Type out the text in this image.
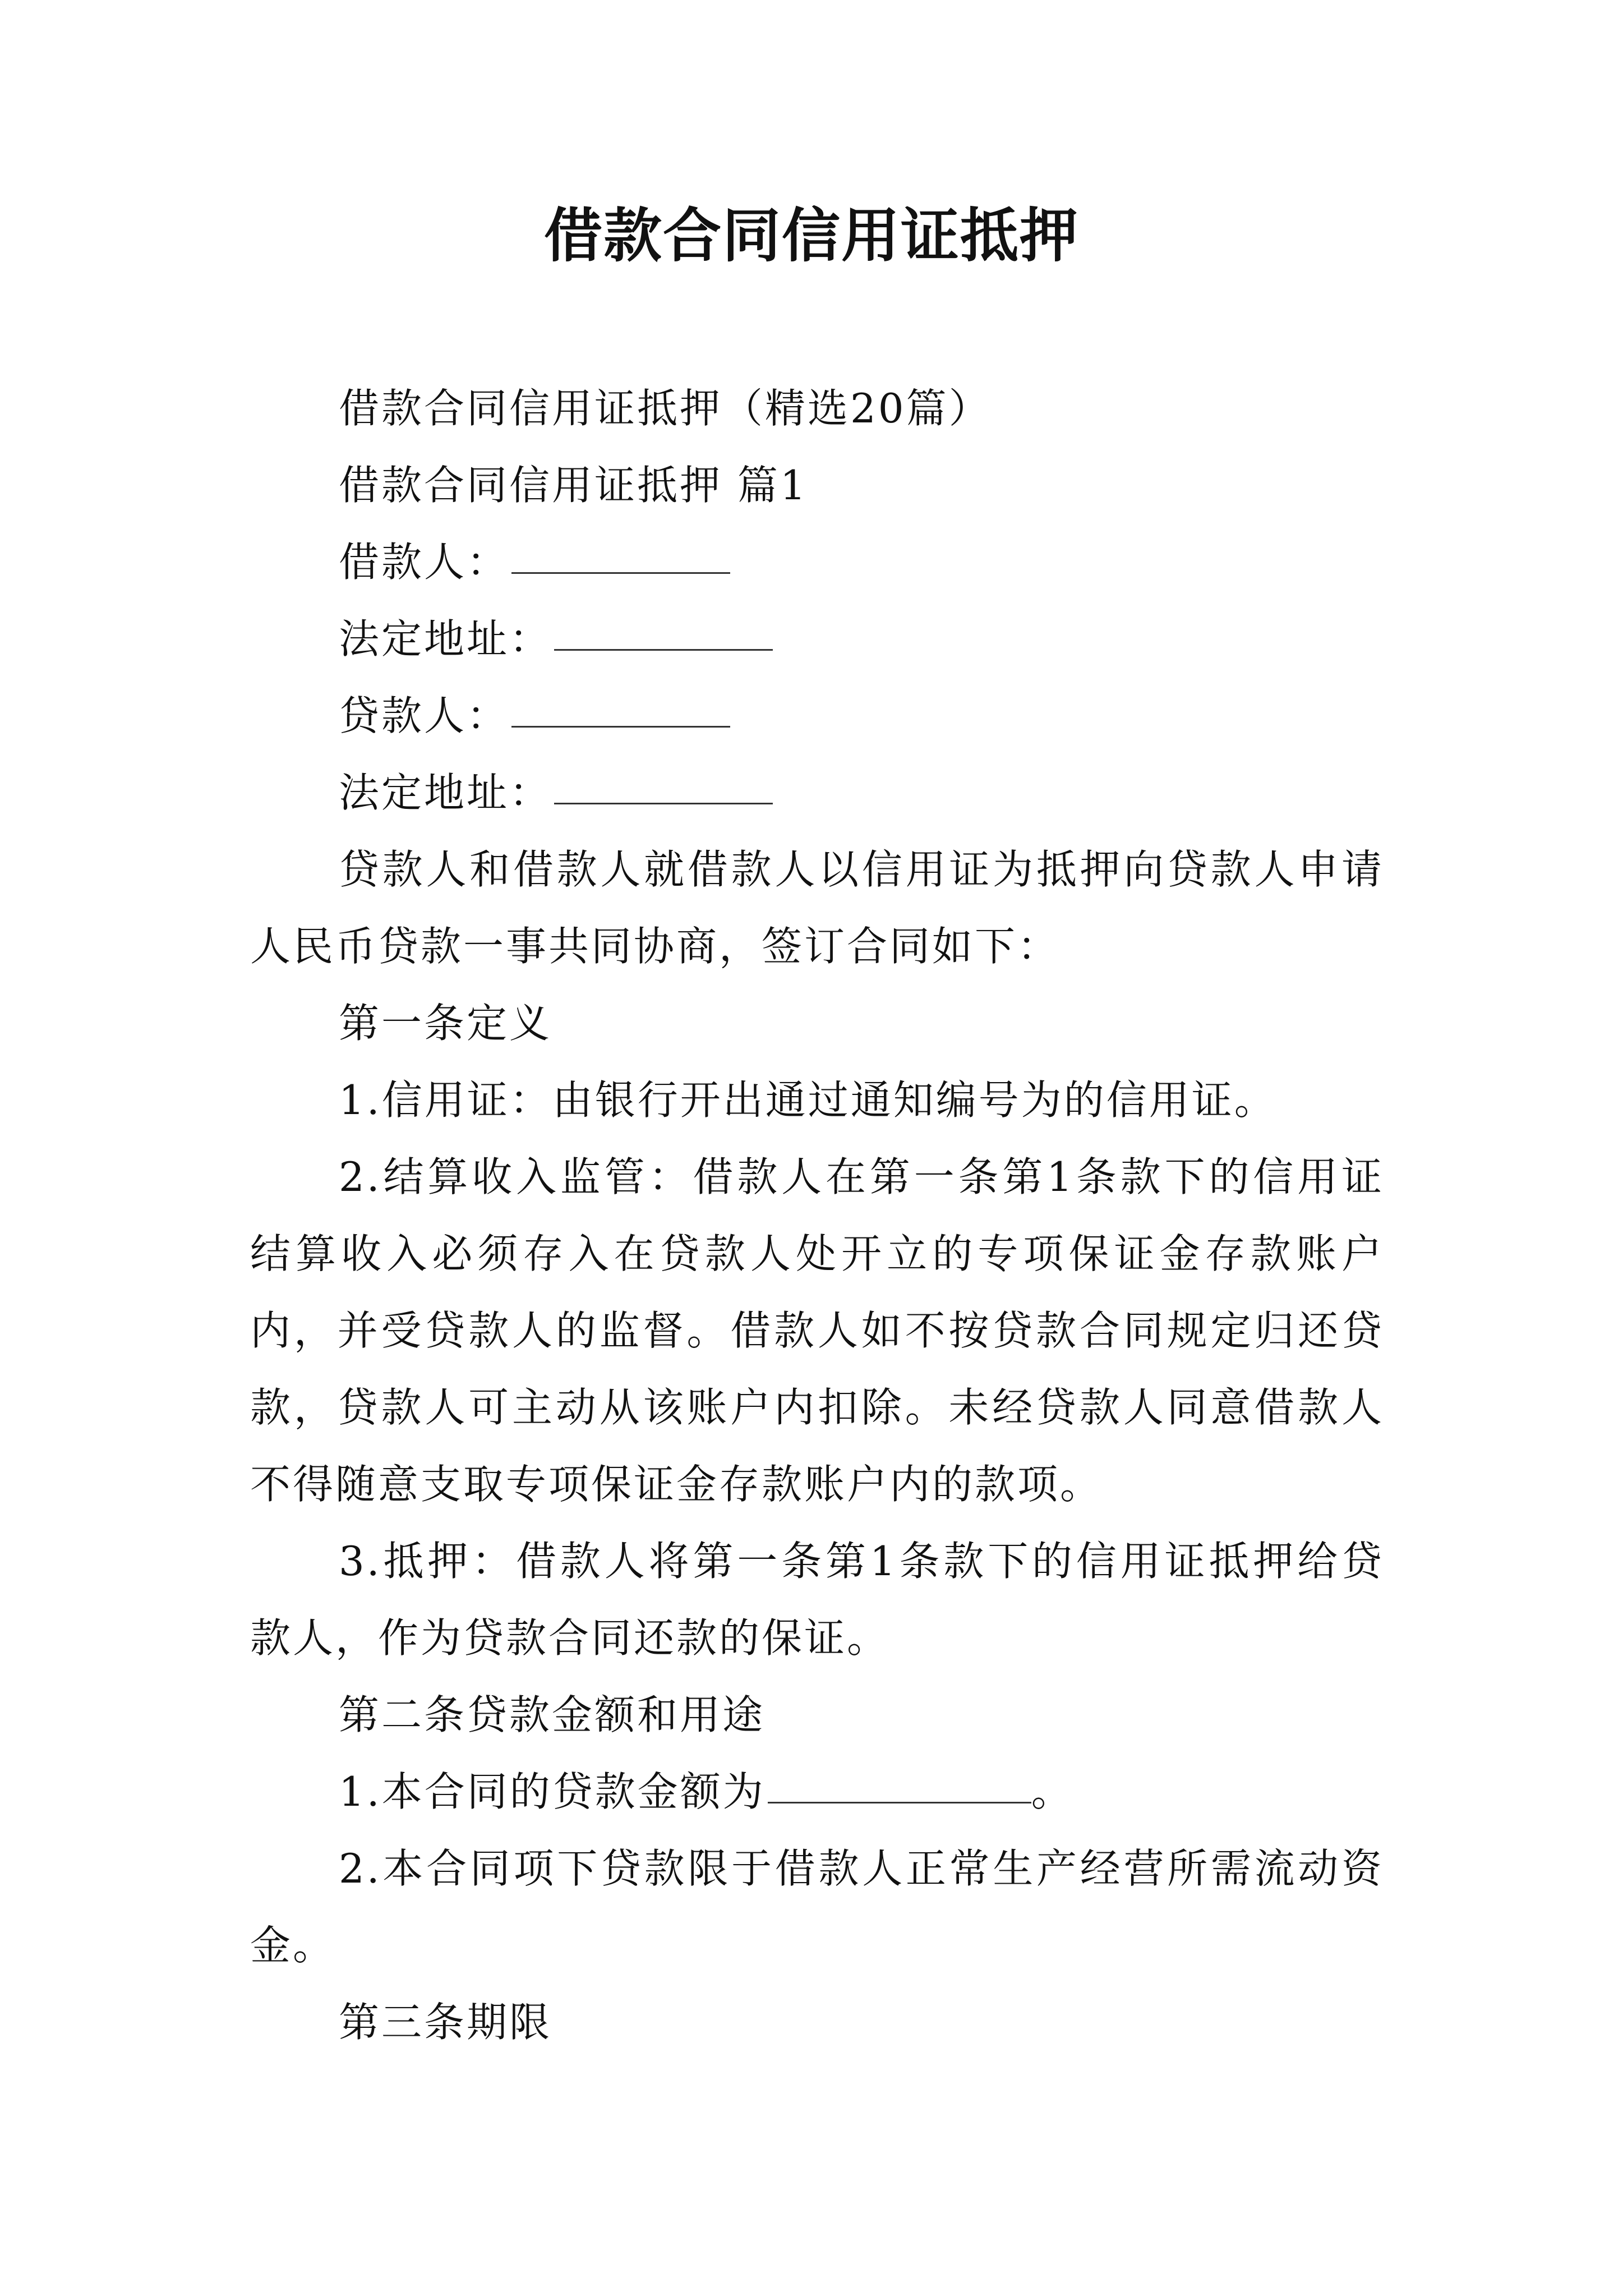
借款合同信用证抵押

借款合同信用证抵押（精选20篇）

借款合同信用证抵押 篇1

借款人：

法定地址：

贷款人：

法定地址：

贷款人和借款人就借款人以信用证为抵押向贷款人申请人民币贷款一事共同协商，签订合同如下：

第一条定义

1.信用证：由银行开出通过通知编号为的信用证。

2.结算收入监管：借款人在第一条第1条款下的信用证结算收入必须存入在贷款人处开立的专项保证金存款账户内，并受贷款人的监督。借款人如不按贷款合同规定归还贷款，贷款人可主动从该账户内扣除。未经贷款人同意借款人不得随意支取专项保证金存款账户内的款项。

3.抵押：借款人将第一条第1条款下的信用证抵押给贷款人，作为贷款合同还款的保证。

第二条贷款金额和用途

1.本合同的贷款金额为	。

2.本合同项下贷款限于借款人正常生产经营所需流动资金。

第三条期限
